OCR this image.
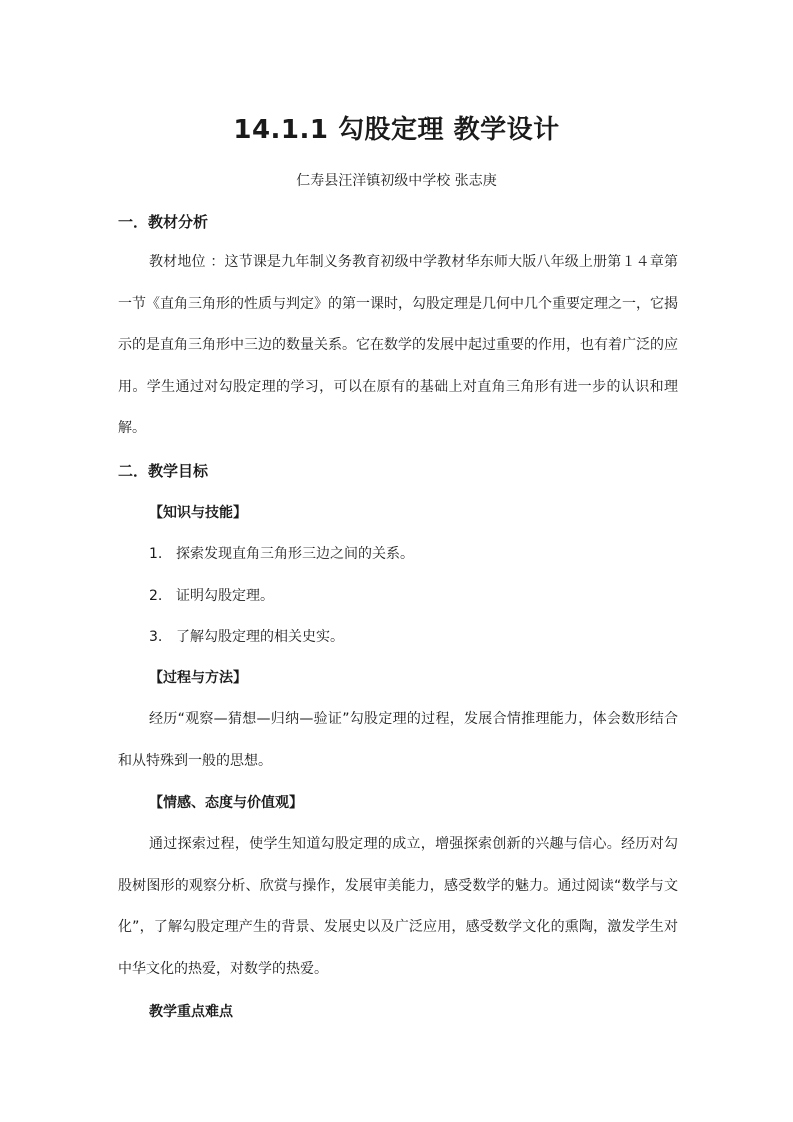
14.1.1 勾股定理 教学设计
仁寿县汪洋镇初级中学校 张志庚
一．教材分析
教材地位 ：这节课是九年制义务教育初级中学教材华东师大版八年级上册第１４章第一节《直角三角形的性质与判定》的第一课时，勾股定理是几何中几个重要定理之一，它揭示的是直角三角形中三边的数量关系。它在数学的发展中起过重要的作用，也有着广泛的应用。学生通过对勾股定理的学习，可以在原有的基础上对直角三角形有进一步的认识和理解。
二．教学目标
【知识与技能】
1. 探索发现直角三角形三边之间的关系。
2. 证明勾股定理。
3. 了解勾股定理的相关史实。
【过程与方法】
经历“观察—猜想—归纳—验证”勾股定理的过程，发展合情推理能力，体会数形结合和从特殊到一般的思想。
【情感、态度与价值观】
通过探索过程，使学生知道勾股定理的成立，增强探索创新的兴趣与信心。经历对勾股树图形的观察分析、欣赏与操作，发展审美能力，感受数学的魅力。通过阅读“数学与文化”，了解勾股定理产生的背景、发展史以及广泛应用，感受数学文化的熏陶，激发学生对中华文化的热爱，对数学的热爱。
教学重点难点
